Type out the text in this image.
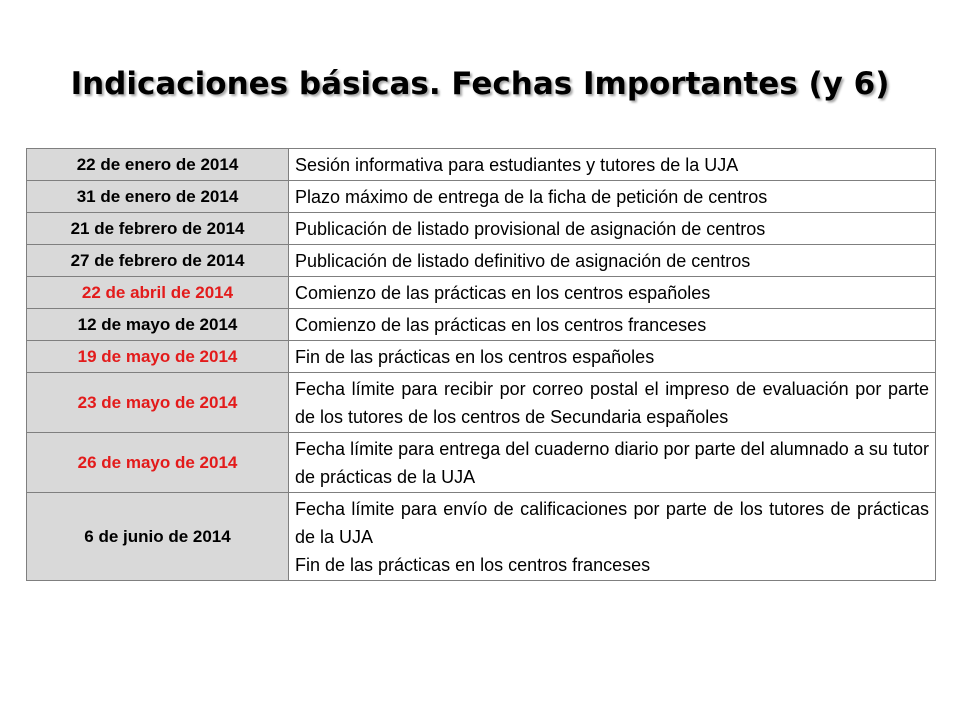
Indicaciones básicas. Fechas Importantes (y 6)
22 de enero de 2014	Sesión informativa para estudiantes y tutores de la UJA

31 de enero de 2014	Plazo máximo de entrega de la ficha de petición de centros

21 de febrero de 2014	Publicación de listado provisional de asignación de centros

27 de febrero de 2014	Publicación de listado definitivo de asignación de centros

22 de abril de 2014	Comienzo de las prácticas en los centros españoles

12 de mayo de 2014	Comienzo de las prácticas en los centros franceses

19 de mayo de 2014	Fin de las prácticas en los centros españoles

23 de mayo de 2014	Fecha límite para recibir por correo postal el impreso de evaluación por parte de los tutores de los centros de Secundaria españoles

26 de mayo de 2014	Fecha límite para entrega del cuaderno diario por parte del alumnado a su tutor de prácticas de la UJA

6 de junio de 2014	Fecha límite para envío de calificaciones por parte de los tutores de prácticas de la UJA
Fin de las prácticas en los centros franceses
